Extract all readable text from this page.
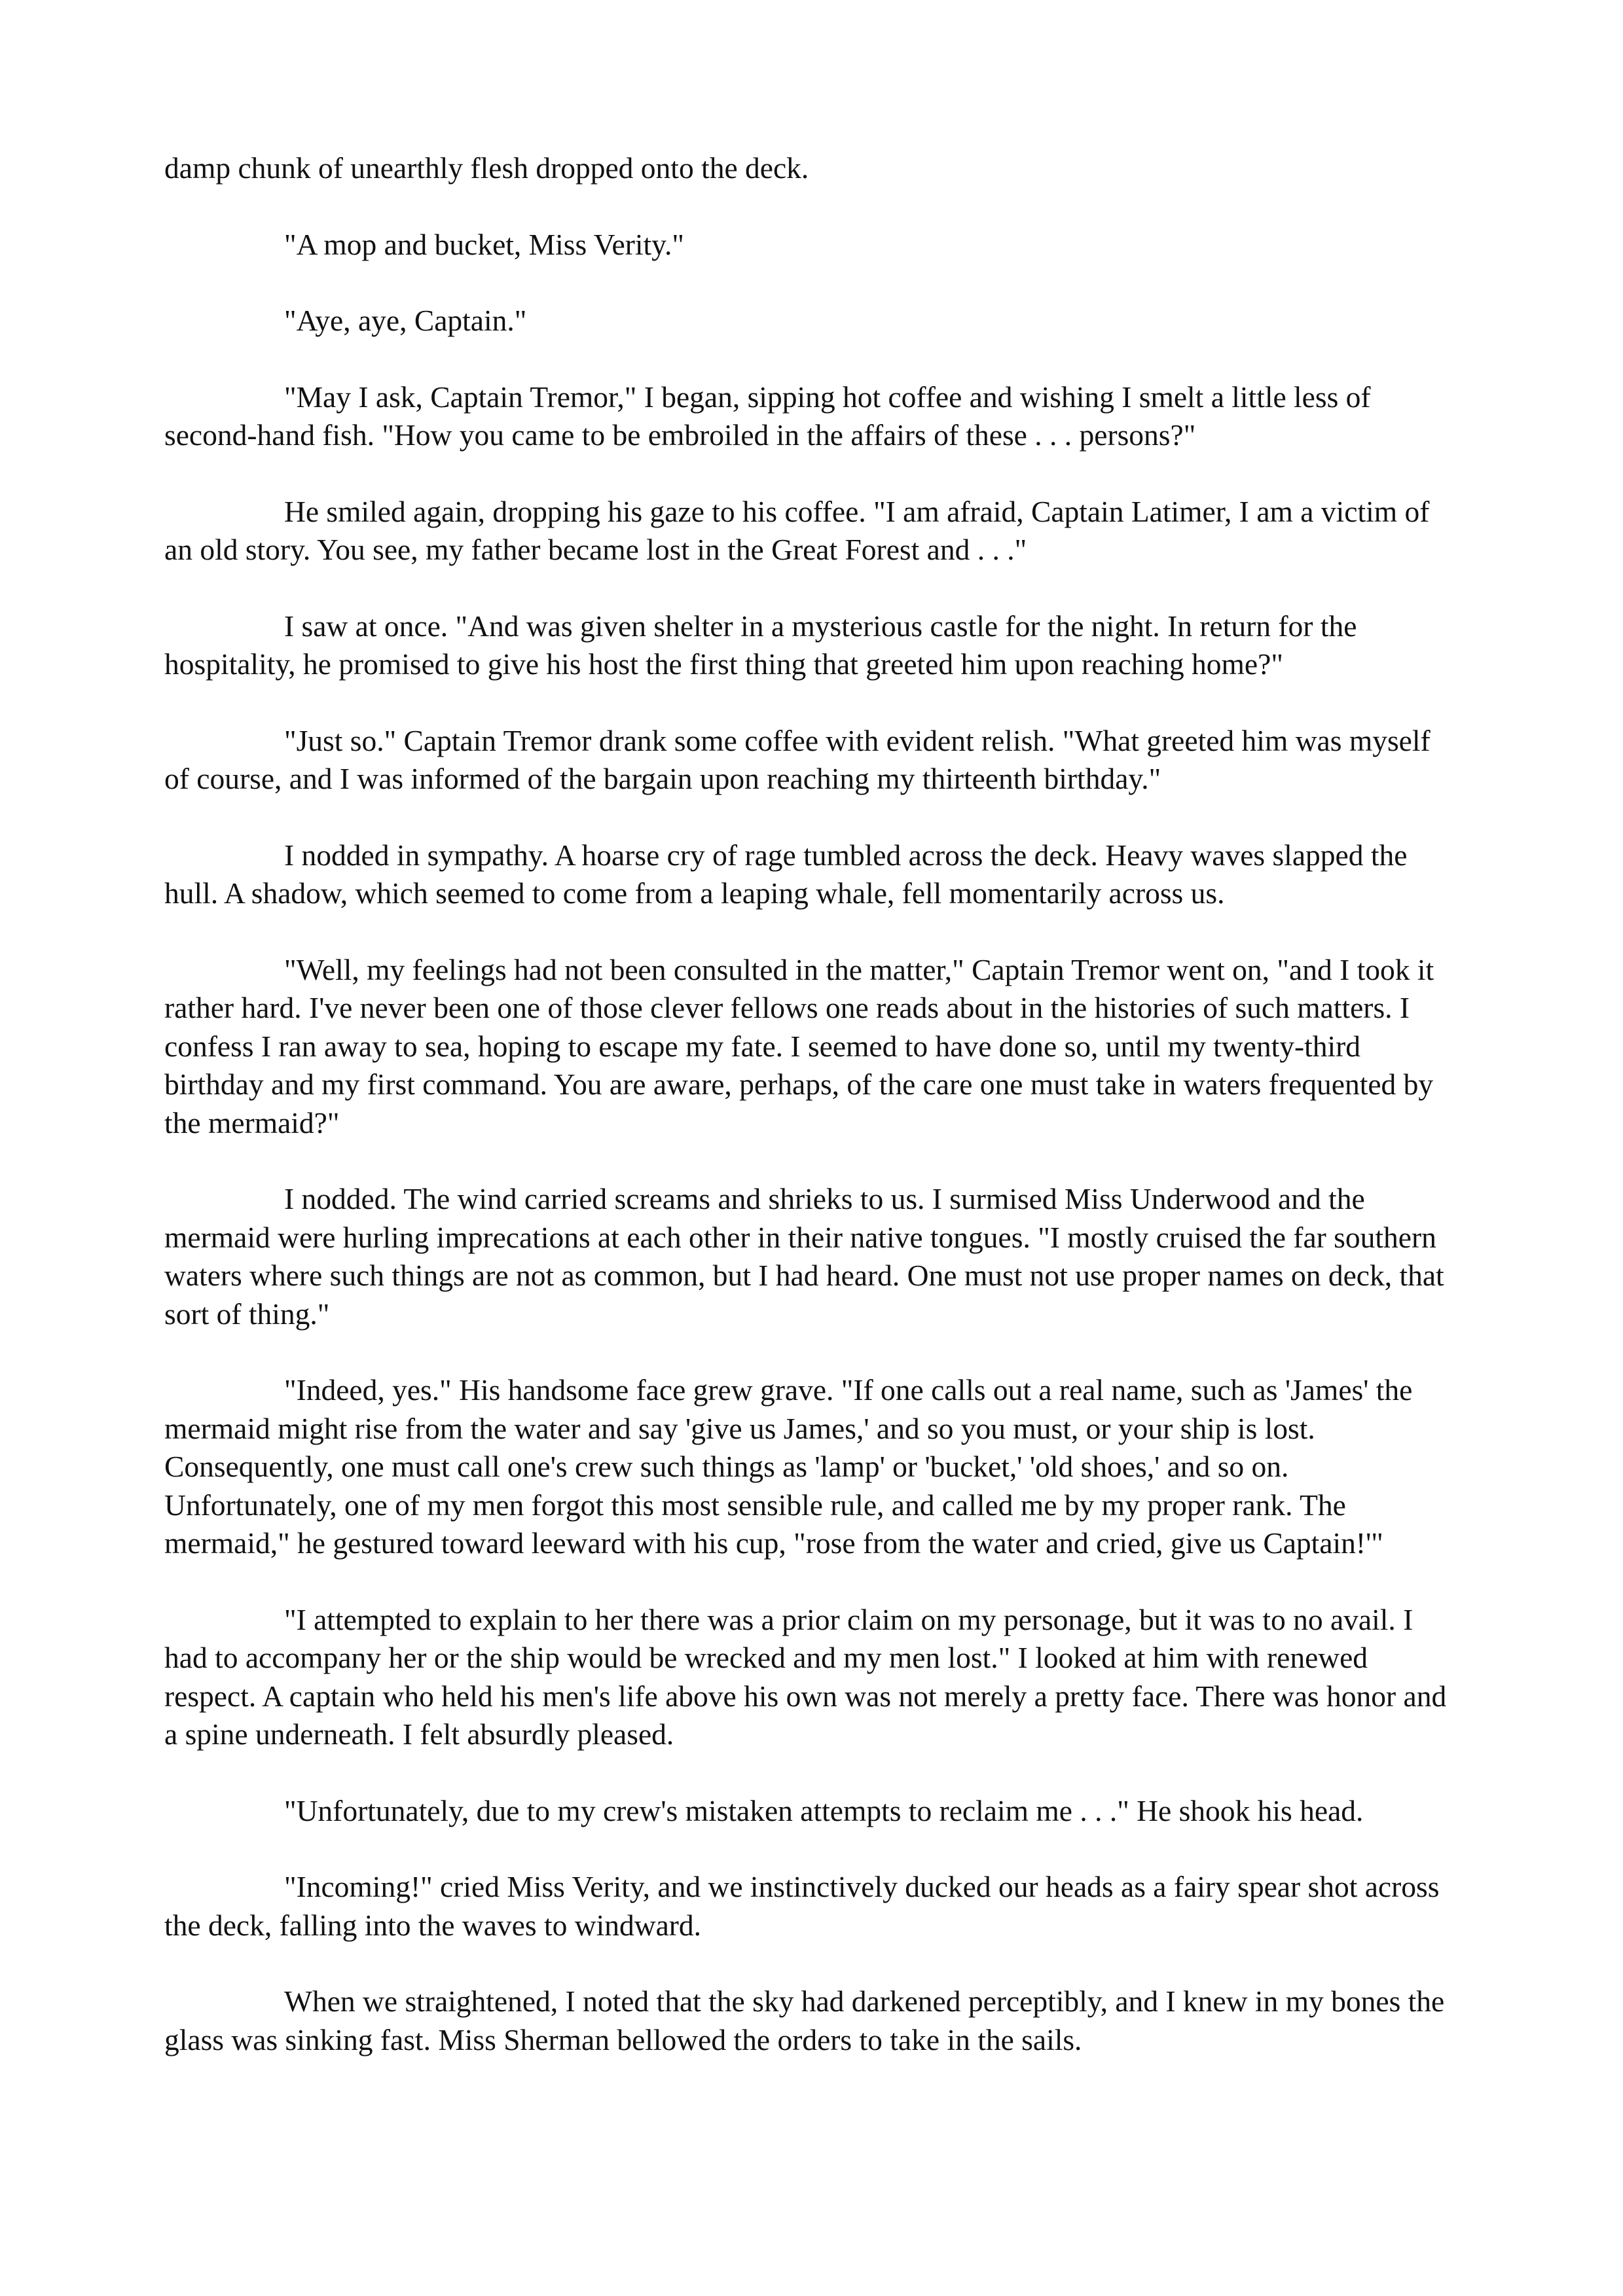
damp chunk of unearthly flesh dropped onto the deck.

"A mop and bucket, Miss Verity."

"Aye, aye, Captain."

"May I ask, Captain Tremor," I began, sipping hot coffee and wishing I smelt a little less of second-hand fish. "How you came to be embroiled in the affairs of these . . . persons?"

He smiled again, dropping his gaze to his coffee. "I am afraid, Captain Latimer, I am a victim of an old story. You see, my father became lost in the Great Forest and . . ."

I saw at once. "And was given shelter in a mysterious castle for the night. In return for the hospitality, he promised to give his host the first thing that greeted him upon reaching home?"

"Just so." Captain Tremor drank some coffee with evident relish. "What greeted him was myself of course, and I was informed of the bargain upon reaching my thirteenth birthday."

I nodded in sympathy. A hoarse cry of rage tumbled across the deck. Heavy waves slapped the hull. A shadow, which seemed to come from a leaping whale, fell momentarily across us.

"Well, my feelings had not been consulted in the matter," Captain Tremor went on, "and I took it rather hard. I've never been one of those clever fellows one reads about in the histories of such matters. I confess I ran away to sea, hoping to escape my fate. I seemed to have done so, until my twenty-third birthday and my first command. You are aware, perhaps, of the care one must take in waters frequented by the mermaid?"

I nodded. The wind carried screams and shrieks to us. I surmised Miss Underwood and the mermaid were hurling imprecations at each other in their native tongues. "I mostly cruised the far southern waters where such things are not as common, but I had heard. One must not use proper names on deck, that sort of thing."

"Indeed, yes." His handsome face grew grave. "If one calls out a real name, such as 'James' the mermaid might rise from the water and say 'give us James,' and so you must, or your ship is lost. Consequently, one must call one's crew such things as 'lamp' or 'bucket,' 'old shoes,' and so on. Unfortunately, one of my men forgot this most sensible rule, and called me by my proper rank. The mermaid," he gestured toward leeward with his cup, "rose from the water and cried, give us Captain!'"

"I attempted to explain to her there was a prior claim on my personage, but it was to no avail. I had to accompany her or the ship would be wrecked and my men lost." I looked at him with renewed respect. A captain who held his men's life above his own was not merely a pretty face. There was honor and a spine underneath. I felt absurdly pleased.

"Unfortunately, due to my crew's mistaken attempts to reclaim me . . ." He shook his head.

"Incoming!" cried Miss Verity, and we instinctively ducked our heads as a fairy spear shot across the deck, falling into the waves to windward.

When we straightened, I noted that the sky had darkened perceptibly, and I knew in my bones the glass was sinking fast. Miss Sherman bellowed the orders to take in the sails.
